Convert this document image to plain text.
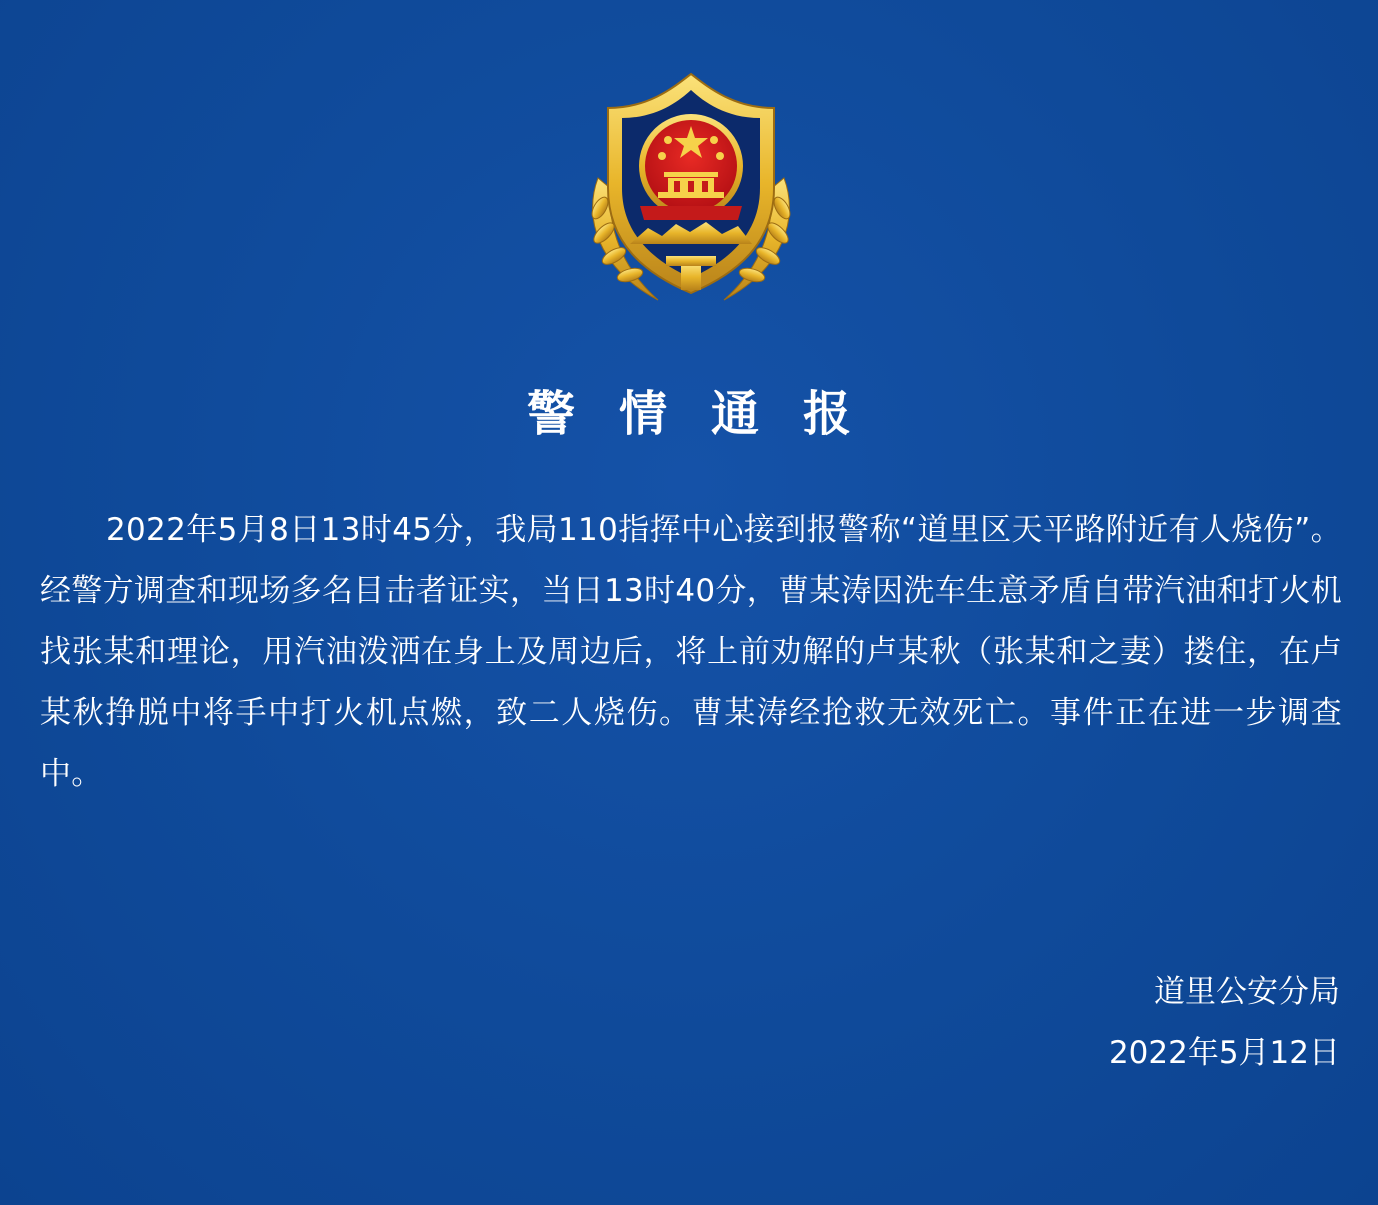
警情通报
2022年5月8日13时45分，我局110指挥中心接到报警称“道里区天平路附近有人烧伤”。经警方调查和现场多名目击者证实，当日13时40分，曹某涛因洗车生意矛盾自带汽油和打火机找张某和理论，用汽油泼洒在身上及周边后，将上前劝解的卢某秋（张某和之妻）搂住，在卢某秋挣脱中将手中打火机点燃，致二人烧伤。曹某涛经抢救无效死亡。事件正在进一步调查中。
道里公安分局
2022年5月12日
